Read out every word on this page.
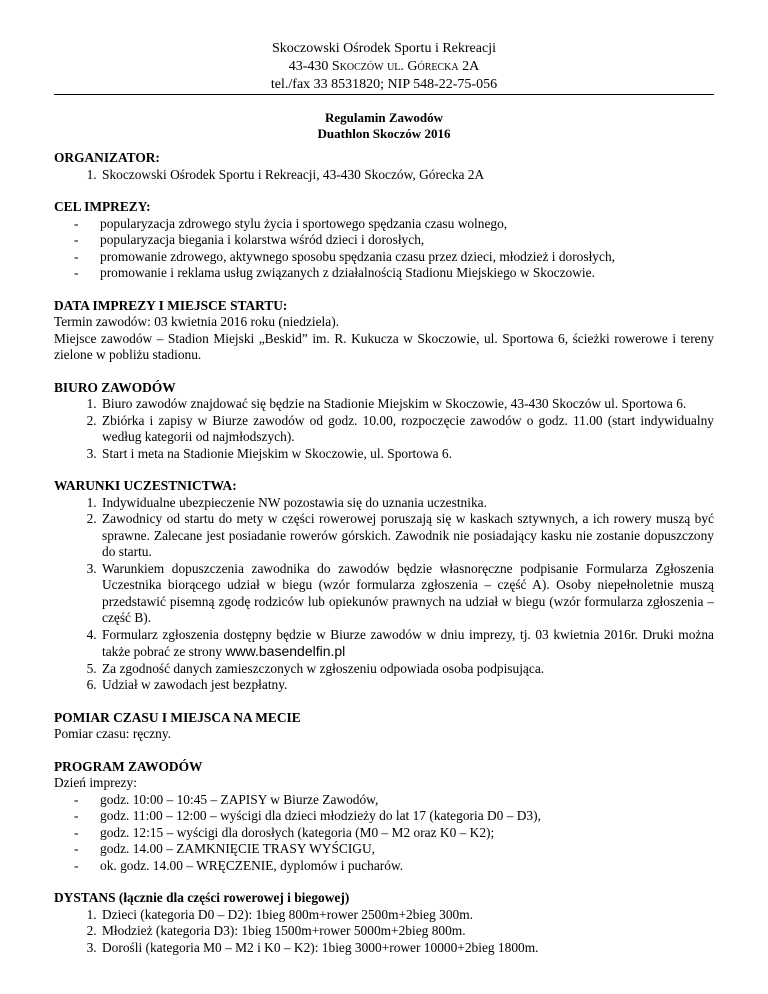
Skoczowski Ośrodek Sportu i Rekreacji
43-430 Skoczów ul. Górecka 2A
tel./fax 33 8531820; NIP 548-22-75-056
Regulamin Zawodów
Duathlon Skoczów 2016
ORGANIZATOR:
1. Skoczowski Ośrodek Sportu i Rekreacji, 43-430 Skoczów, Górecka 2A
CEL IMPREZY:
- popularyzacja zdrowego stylu życia i sportowego spędzania czasu wolnego,
- popularyzacja biegania i kolarstwa wśród dzieci i dorosłych,
- promowanie zdrowego, aktywnego sposobu spędzania czasu przez dzieci, młodzież i dorosłych,
- promowanie i reklama usług związanych z działalnością Stadionu Miejskiego w Skoczowie.
DATA IMPREZY I MIEJSCE STARTU:

Termin zawodów: 03 kwietnia 2016 roku (niedziela).

Miejsce zawodów – Stadion Miejski „Beskid” im. R. Kukucza w Skoczowie, ul. Sportowa 6, ścieżki rowerowe i tereny zielone w pobliżu stadionu.

BIURO ZAWODÓW
1. Biuro zawodów znajdować się będzie na Stadionie Miejskim w Skoczowie, 43-430 Skoczów ul. Sportowa 6.
2. Zbiórka i zapisy w Biurze zawodów od godz. 10.00, rozpoczęcie zawodów o godz. 11.00 (start indywidualny według kategorii od najmłodszych).
3. Start i meta na Stadionie Miejskim w Skoczowie, ul. Sportowa 6.
WARUNKI UCZESTNICTWA:
1. Indywidualne ubezpieczenie NW pozostawia się do uznania uczestnika.
2. Zawodnicy od startu do mety w części rowerowej poruszają się w kaskach sztywnych, a ich rowery muszą być sprawne. Zalecane jest posiadanie rowerów górskich. Zawodnik nie posiadający kasku nie zostanie dopuszczony do startu.
3. Warunkiem dopuszczenia zawodnika do zawodów będzie własnoręczne podpisanie Formularza Zgłoszenia Uczestnika biorącego udział w biegu (wzór formularza zgłoszenia – część A). Osoby niepełnoletnie muszą przedstawić pisemną zgodę rodziców lub opiekunów prawnych na udział w biegu (wzór formularza zgłoszenia – część B).
4. Formularz zgłoszenia dostępny będzie w Biurze zawodów w dniu imprezy, tj. 03 kwietnia 2016r. Druki można także pobrać ze strony www.basendelfin.pl
5. Za zgodność danych zamieszczonych w zgłoszeniu odpowiada osoba podpisująca.
6. Udział w zawodach jest bezpłatny.
POMIAR CZASU I MIEJSCA NA MECIE

Pomiar czasu: ręczny.

PROGRAM ZAWODÓW

Dzień imprezy:

- godz. 10:00 – 10:45 – ZAPISY w Biurze Zawodów,
- godz. 11:00 – 12:00 – wyścigi dla dzieci młodzieży do lat 17 (kategoria D0 – D3),
- godz. 12:15 – wyścigi dla dorosłych (kategoria (M0 – M2 oraz K0 – K2);
- godz. 14.00 – ZAMKNIĘCIE TRASY WYŚCIGU,
- ok. godz. 14.00 – WRĘCZENIE, dyplomów i pucharów.
DYSTANS (łącznie dla części rowerowej i biegowej)
1. Dzieci (kategoria D0 – D2): 1bieg 800m+rower 2500m+2bieg 300m.
2. Młodzież (kategoria D3): 1bieg 1500m+rower 5000m+2bieg 800m.
3. Dorośli (kategoria M0 – M2 i K0 – K2): 1bieg 3000+rower 10000+2bieg 1800m.
